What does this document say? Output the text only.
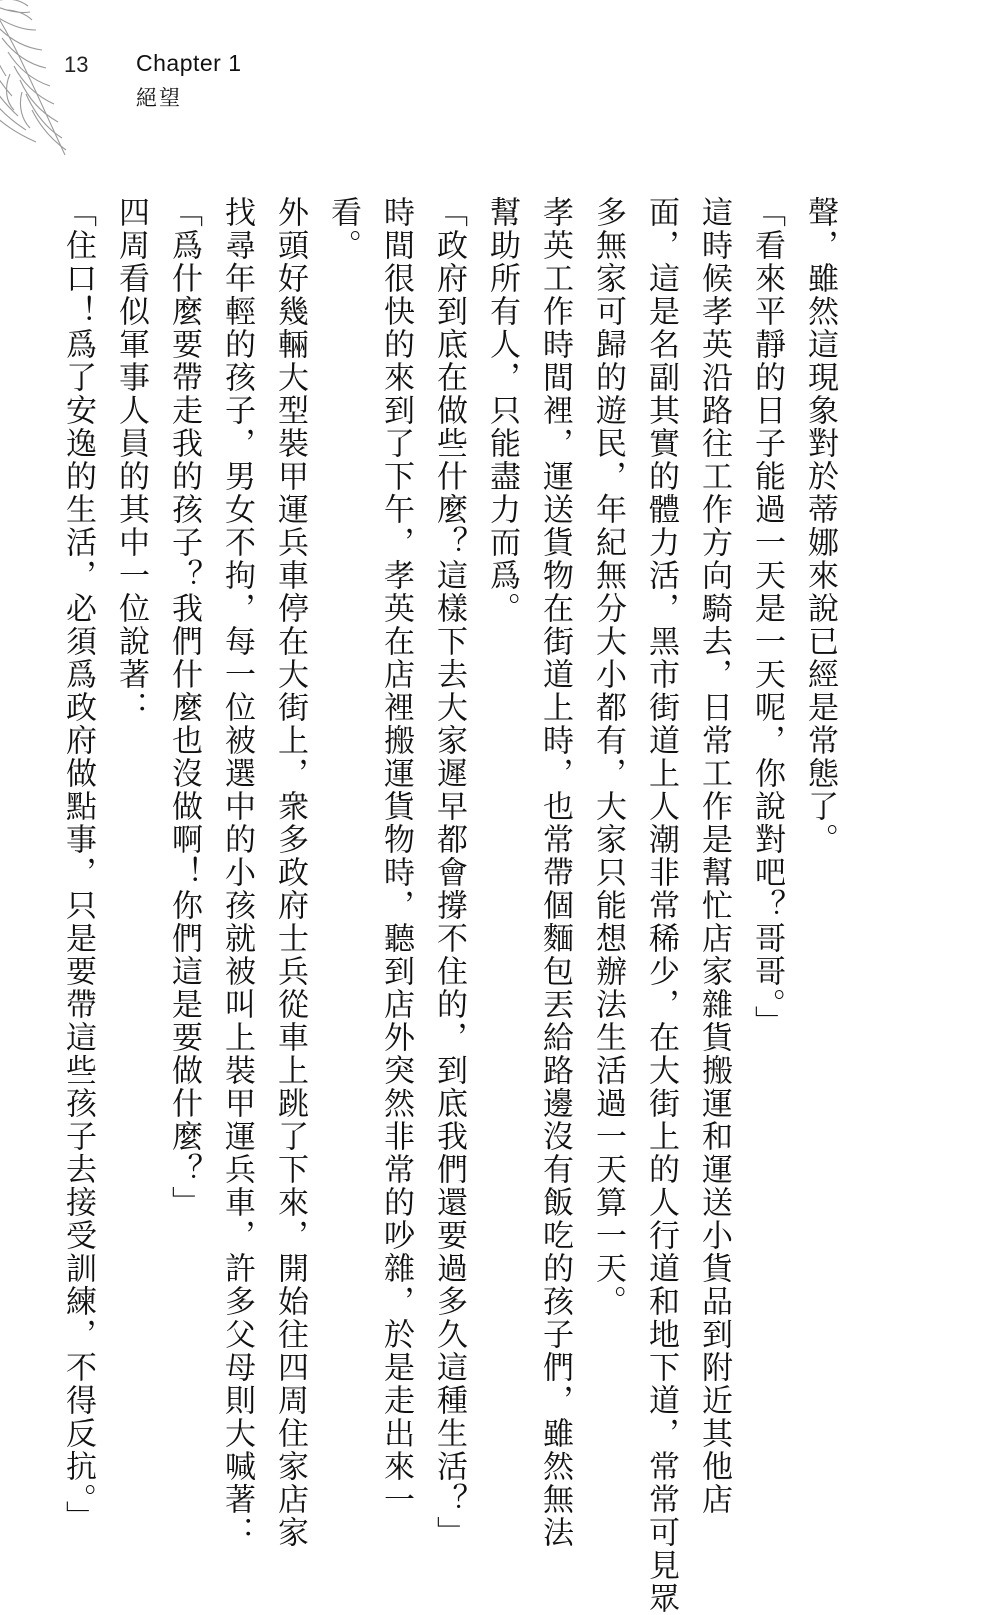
13 Chapter 1
絕望

聲，雖然這現象對於蒂娜來說已經是常態了。

「看來平靜的日子能過一天是一天呢，你說對吧？哥哥。」

這時候孝英沿路往工作方向騎去，日常工作是幫忙店家雜貨搬運和運送小貨品到附近其他店

面，這是名副其實的體力活，黑市街道上人潮非常稀少，在大街上的人行道和地下道，常常可見眾

多無家可歸的遊民，年紀無分大小都有，大家只能想辦法生活過一天算一天。

孝英工作時間裡，運送貨物在街道上時，也常帶個麵包丟給路邊沒有飯吃的孩子們，雖然無法

幫助所有人，只能盡力而爲。

「政府到底在做些什麼？這樣下去大家遲早都會撐不住的，到底我們還要過多久這種生活？」

時間很快的來到了下午，孝英在店裡搬運貨物時，聽到店外突然非常的吵雜，於是走出來一

看。

外頭好幾輛大型裝甲運兵車停在大街上，衆多政府士兵從車上跳了下來，開始往四周住家店家

找尋年輕的孩子，男女不拘，每一位被選中的小孩就被叫上裝甲運兵車，許多父母則大喊著：

「爲什麼要帶走我的孩子？我們什麼也沒做啊！你們這是要做什麼？」

四周看似軍事人員的其中一位說著：

「住口！爲了安逸的生活，必須爲政府做點事，只是要帶這些孩子去接受訓練，不得反抗。」
